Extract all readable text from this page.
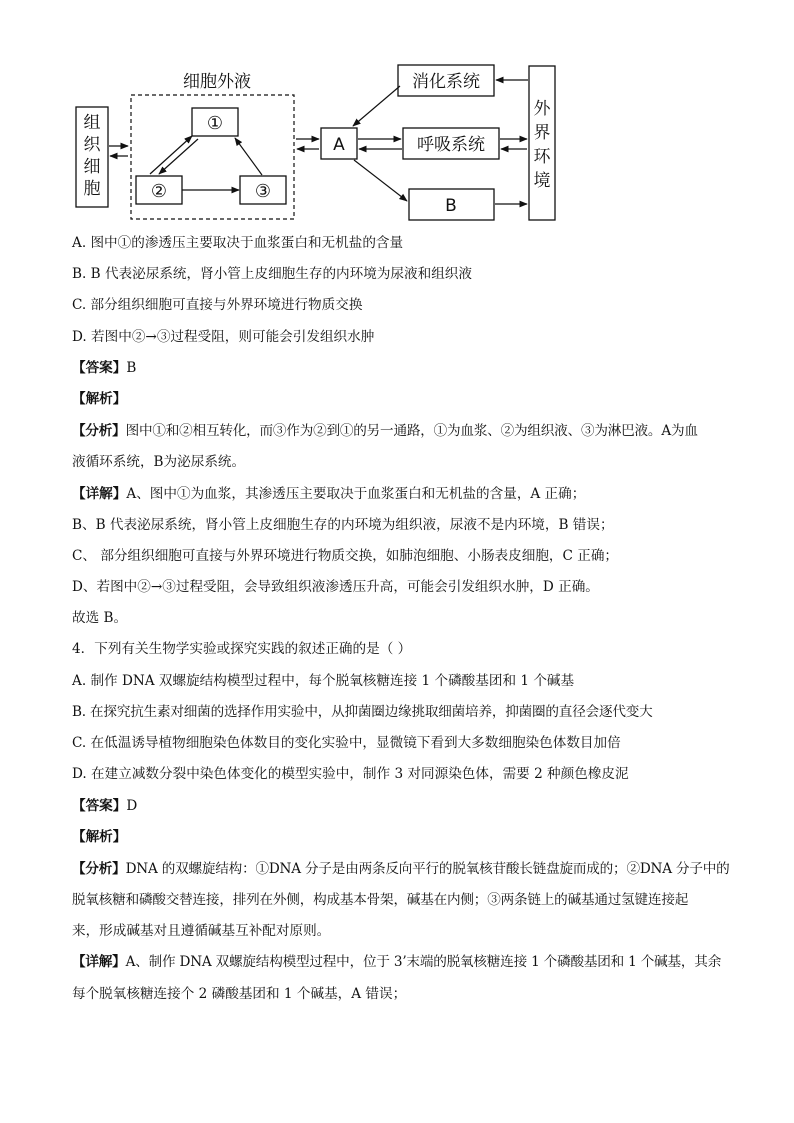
组
织
细
胞
细胞外液
①
②	③
A
消化系统
呼吸系统
B
外
界
环
境
A. 图中①的渗透压主要取决于血浆蛋白和无机盐的含量
B. B 代表泌尿系统，肾小管上皮细胞生存的内环境为尿液和组织液
C. 部分组织细胞可直接与外界环境进行物质交换
D. 若图中②→③过程受阻，则可能会引发组织水肿
【答案】B
【解析】
【分析】图中①和②相互转化，而③作为②到①的另一通路，①为血浆、②为组织液、③为淋巴液。A为血
液循环系统，B为泌尿系统。
【详解】A、图中①为血浆，其渗透压主要取决于血浆蛋白和无机盐的含量，A 正确；
B、B 代表泌尿系统，肾小管上皮细胞生存的内环境为组织液，尿液不是内环境，B 错误；
C、 部分组织细胞可直接与外界环境进行物质交换，如肺泡细胞、小肠表皮细胞，C 正确；
D、若图中②→③过程受阻，会导致组织液渗透压升高，可能会引发组织水肿，D 正确。
故选 B。
4．下列有关生物学实验或探究实践的叙述正确的是（ ）
A. 制作 DNA 双螺旋结构模型过程中，每个脱氧核糖连接 1 个磷酸基团和 1 个碱基
B. 在探究抗生素对细菌的选择作用实验中，从抑菌圈边缘挑取细菌培养，抑菌圈的直径会逐代变大
C. 在低温诱导植物细胞染色体数目的变化实验中，显微镜下看到大多数细胞染色体数目加倍
D. 在建立减数分裂中染色体变化的模型实验中，制作 3 对同源染色体，需要 2 种颜色橡皮泥
【答案】D
【解析】
【分析】DNA 的双螺旋结构：①DNA 分子是由两条反向平行的脱氧核苷酸长链盘旋而成的；②DNA 分子中的
脱氧核糖和磷酸交替连接，排列在外侧，构成基本骨架，碱基在内侧；③两条链上的碱基通过氢键连接起
来，形成碱基对且遵循碱基互补配对原则。
【详解】A、制作 DNA 双螺旋结构模型过程中，位于 3’末端的脱氧核糖连接 1 个磷酸基团和 1 个碱基，其余
每个脱氧核糖连接个 2 磷酸基团和 1 个碱基，A 错误；
